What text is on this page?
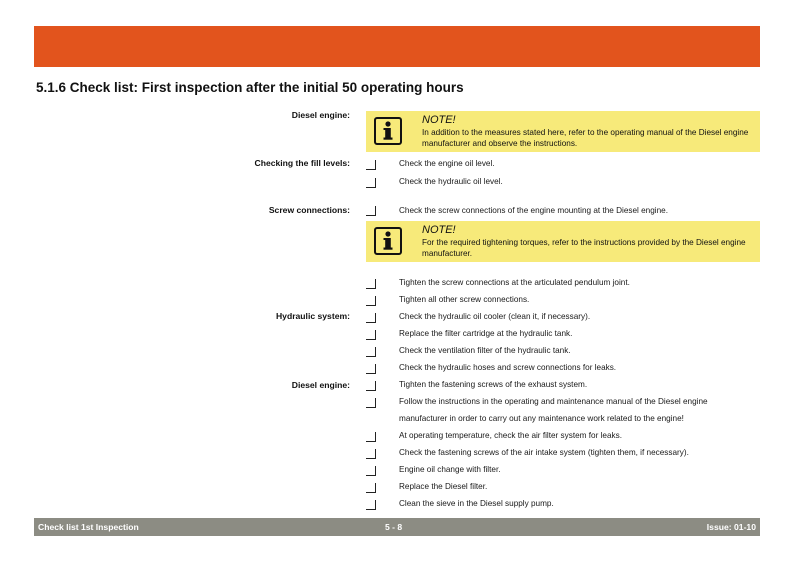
5.1.6 Check list: First inspection after the initial 50 operating hours
Diesel engine:
Checking the fill levels:
Screw connections:
Hydraulic system:
Diesel engine:
NOTE!
In addition to the measures stated here, refer to the operating manual of the Diesel engine manufacturer and observe the instructions.
NOTE!
For the required tightening torques, refer to the instructions provided by the Diesel engine manufacturer.
Check the engine oil level.
Check the hydraulic oil level.
Check the screw connections of the engine mounting at the Diesel engine.
Tighten the screw connections at the articulated pendulum joint.
Tighten all other screw connections.
Check the hydraulic oil cooler (clean it, if necessary).
Replace the filter cartridge at the hydraulic tank.
Check the ventilation filter of the hydraulic tank.
Check the hydraulic hoses and screw connections for leaks.
Tighten the fastening screws of the exhaust system.
Follow the instructions in the operating and maintenance manual of the Diesel engine
manufacturer in order to carry out any maintenance work related to the engine!
At operating temperature, check the air filter system for leaks.
Check the fastening screws of the air intake system (tighten them, if necessary).
Engine oil change with filter.
Replace the Diesel filter.
Clean the sieve in the Diesel supply pump.
Check list 1st Inspection	5 - 8	Issue: 01-10
